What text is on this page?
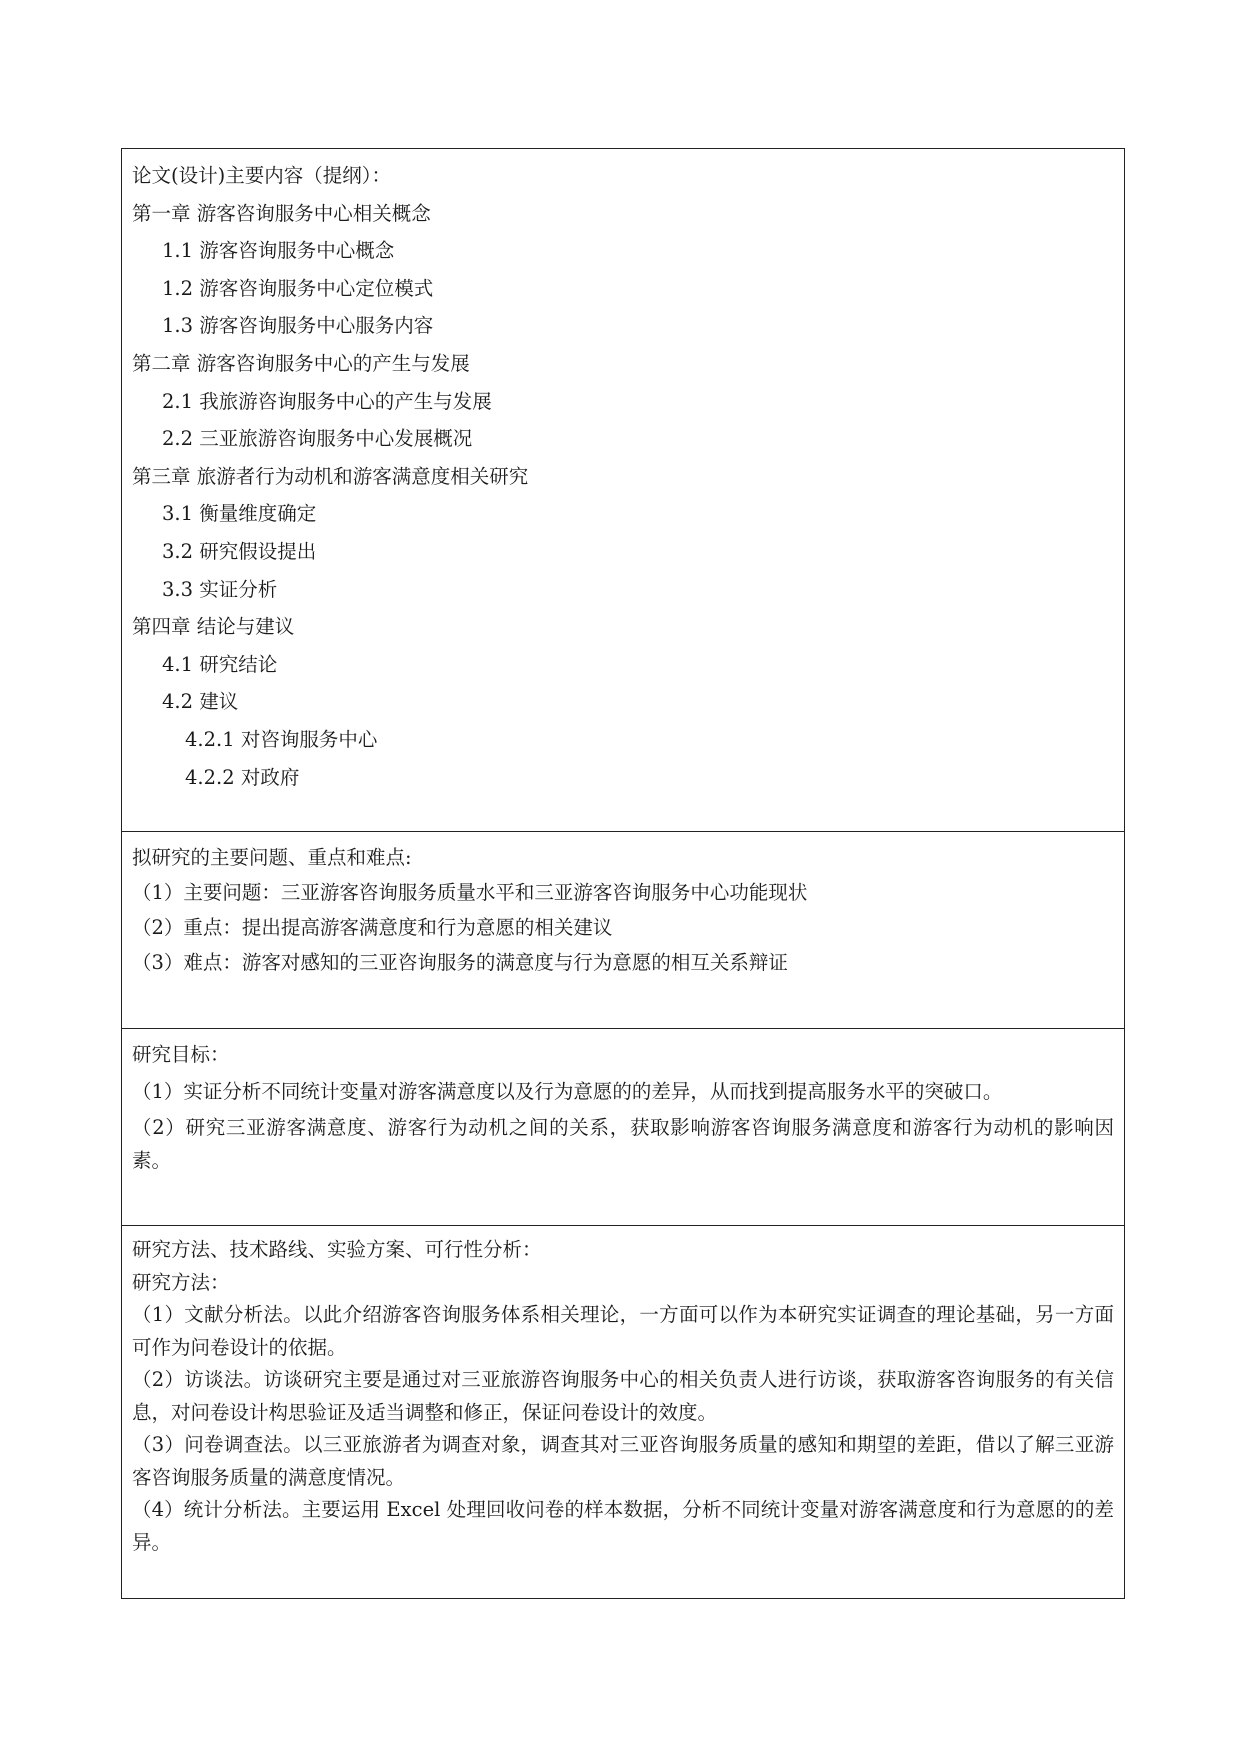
论文(设计)主要内容（提纲）：
第一章 游客咨询服务中心相关概念
1.1 游客咨询服务中心概念
1.2 游客咨询服务中心定位模式
1.3 游客咨询服务中心服务内容
第二章 游客咨询服务中心的产生与发展
2.1 我旅游咨询服务中心的产生与发展
2.2 三亚旅游咨询服务中心发展概况
第三章 旅游者行为动机和游客满意度相关研究
3.1 衡量维度确定
3.2 研究假设提出
3.3 实证分析
第四章 结论与建议
4.1 研究结论
4.2 建议
4.2.1 对咨询服务中心
4.2.2 对政府
拟研究的主要问题、重点和难点:
（1）主要问题：三亚游客咨询服务质量水平和三亚游客咨询服务中心功能现状
（2）重点：提出提高游客满意度和行为意愿的相关建议
（3）难点：游客对感知的三亚咨询服务的满意度与行为意愿的相互关系辩证
研究目标：

（1）实证分析不同统计变量对游客满意度以及行为意愿的的差异，从而找到提高服务水平的突破口。

（2）研究三亚游客满意度、游客行为动机之间的关系，获取影响游客咨询服务满意度和游客行为动机的影响因素。

研究方法、技术路线、实验方案、可行性分析：
研究方法：

（1）文献分析法。以此介绍游客咨询服务体系相关理论，一方面可以作为本研究实证调查的理论基础，另一方面可作为问卷设计的依据。

（2）访谈法。访谈研究主要是通过对三亚旅游咨询服务中心的相关负责人进行访谈，获取游客咨询服务的有关信息，对问卷设计构思验证及适当调整和修正，保证问卷设计的效度。

（3）问卷调查法。以三亚旅游者为调查对象，调查其对三亚咨询服务质量的感知和期望的差距，借以了解三亚游客咨询服务质量的满意度情况。

（4）统计分析法。主要运用 Excel 处理回收问卷的样本数据，分析不同统计变量对游客满意度和行为意愿的的差异。
